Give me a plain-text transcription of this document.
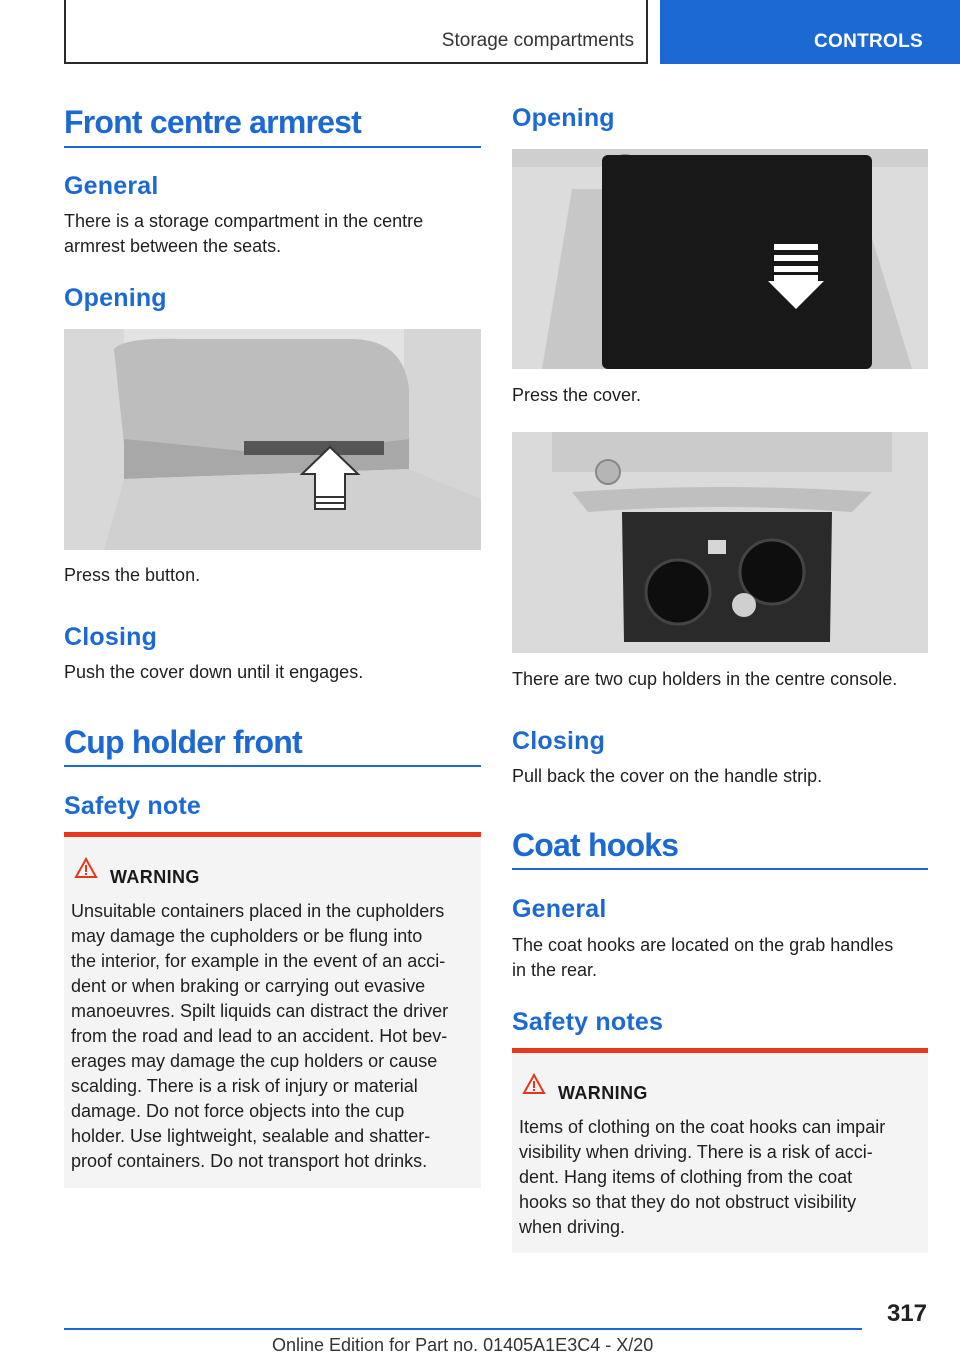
Storage compartments	CONTROLS
Front centre armrest
General
There is a storage compartment in the centre
armrest between the seats.
Opening
Press the button.
Closing
Push the cover down until it engages.
Cup holder front
Safety note
WARNING
Unsuitable containers placed in the cupholders
may damage the cupholders or be flung into
the interior, for example in the event of an acci-
dent or when braking or carrying out evasive
manoeuvres. Spilt liquids can distract the driver
from the road and lead to an accident. Hot bev-
erages may damage the cup holders or cause
scalding. There is a risk of injury or material
damage. Do not force objects into the cup
holder. Use lightweight, sealable and shatter-
proof containers. Do not transport hot drinks.
Opening
Press the cover.
There are two cup holders in the centre console.
Closing
Pull back the cover on the handle strip.
Coat hooks
General
The coat hooks are located on the grab handles
in the rear.
Safety notes
WARNING
Items of clothing on the coat hooks can impair
visibility when driving. There is a risk of acci-
dent. Hang items of clothing from the coat
hooks so that they do not obstruct visibility
when driving.
317
Online Edition for Part no. 01405A1E3C4 - X/20
